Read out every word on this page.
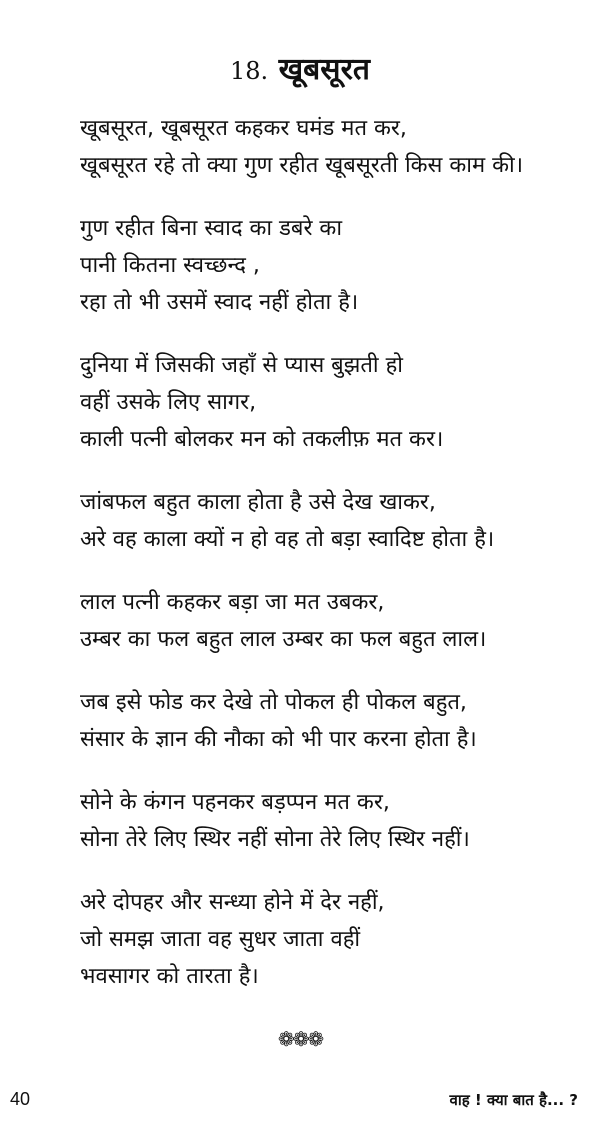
18. खूबसूरत
खूबसूरत, खूबसूरत कहकर घमंड मत कर,
खूबसूरत रहे तो क्या गुण रहीत खूबसूरती किस काम की।
गुण रहीत बिना स्वाद का डबरे का
पानी कितना स्वच्छन्द ,
रहा तो भी उसमें स्वाद नहीं होता है।
दुनिया में जिसकी जहाँ से प्यास बुझती हो
वहीं उसके लिए सागर,
काली पत्नी बोलकर मन को तकलीफ़ मत कर।
जांबफल बहुत काला होता है उसे देख खाकर,
अरे वह काला क्यों न हो वह तो बड़ा स्वादिष्ट होता है।
लाल पत्नी कहकर बड़ा जा मत उबकर,
उम्बर का फल बहुत लाल उम्बर का फल बहुत लाल।
जब इसे फोड कर देखे तो पोकल ही पोकल बहुत,
संसार के ज्ञान की नौका को भी पार करना होता है।
सोने के कंगन पहनकर बड़प्पन मत कर,
सोना तेरे लिए स्थिर नहीं सोना तेरे लिए स्थिर नहीं।
अरे दोपहर और सन्ध्या होने में देर नहीं,
जो समझ जाता वह सुधर जाता वहीं
भवसागर को तारता है।
❁❁❁
40	वाह ! क्या बात है... ?
